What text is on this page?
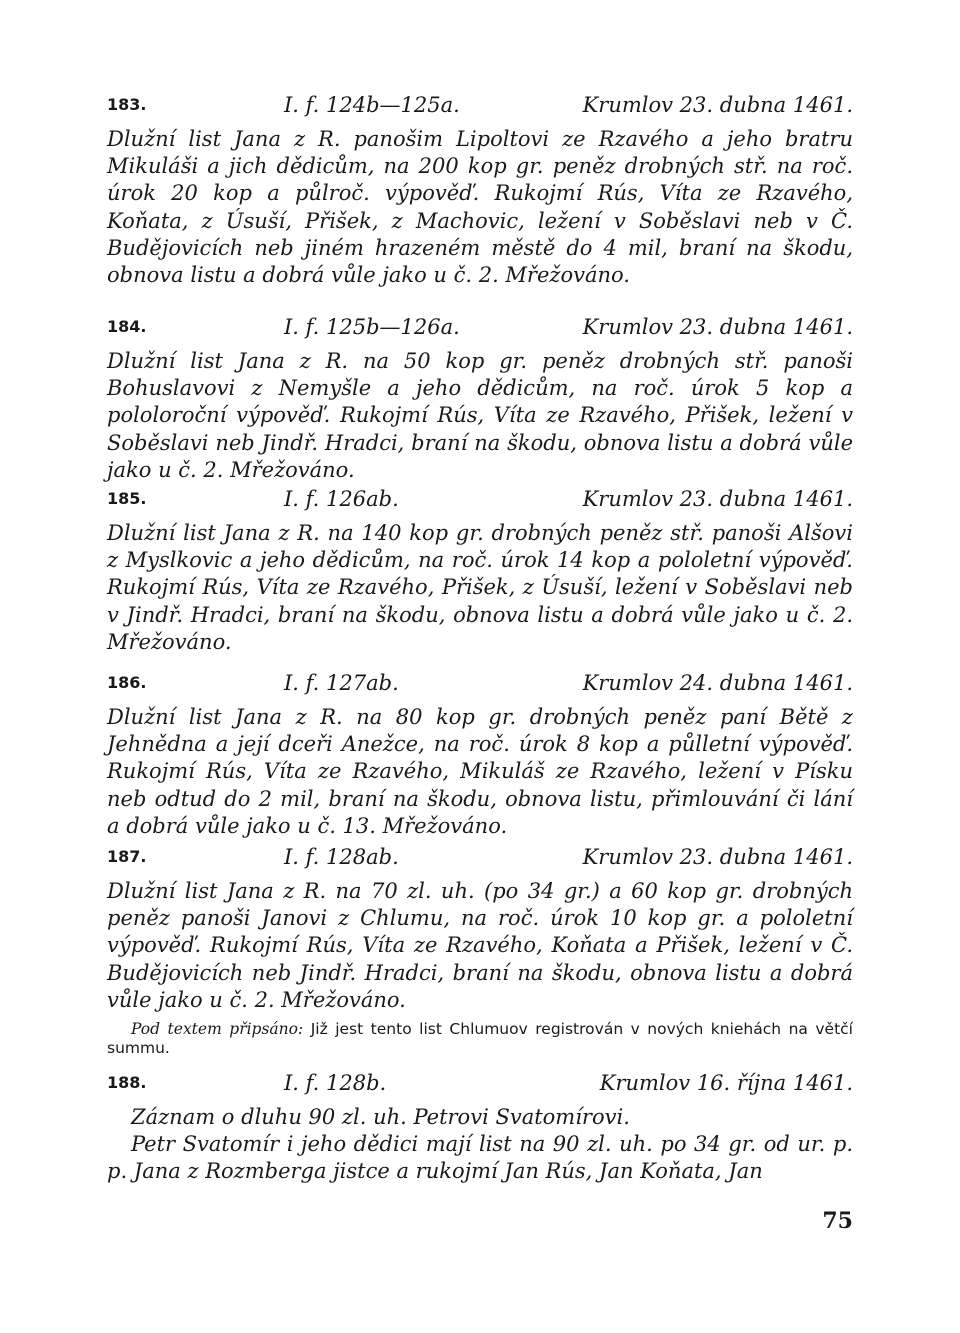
183.	I. f. 124b—125a.	Krumlov 23. dubna 1461.
Dlužní list Jana z R. panošim Lipoltovi ze Rzavého a jeho bratru Mikuláši a jich dědicům, na 200 kop gr. peněz drobných stř. na roč. úrok 20 kop a půlroč. výpověď. Rukojmí Rús, Víta ze Rzavého, Koňata, z Úsuší, Přišek, z Machovic, ležení v Soběslavi neb v Č. Budějovicích neb jiném hrazeném městě do 4 mil, braní na škodu, obnova listu a dobrá vůle jako u č. 2. Mřežováno.
184.	I. f. 125b—126a.	Krumlov 23. dubna 1461.
Dlužní list Jana z R. na 50 kop gr. peněz drobných stř. panoši Bohuslavovi z Nemyšle a jeho dědicům, na roč. úrok 5 kop a pololoroční výpověď. Rukojmí Rús, Víta ze Rzavého, Přišek, ležení v Soběslavi neb Jindř. Hradci, braní na škodu, obnova listu a dobrá vůle jako u č. 2. Mřežováno.
185.	I. f. 126ab.	Krumlov 23. dubna 1461.
Dlužní list Jana z R. na 140 kop gr. drobných peněz stř. panoši Alšovi z Myslkovic a jeho dědicům, na roč. úrok 14 kop a pololetní výpověď. Rukojmí Rús, Víta ze Rzavého, Přišek, z Úsuší, ležení v Soběslavi neb v Jindř. Hradci, braní na škodu, obnova listu a dobrá vůle jako u č. 2. Mřežováno.
186.	I. f. 127ab.	Krumlov 24. dubna 1461.
Dlužní list Jana z R. na 80 kop gr. drobných peněz paní Bětě z Jehnědna a její dceři Anežce, na roč. úrok 8 kop a půlletní výpověď. Rukojmí Rús, Víta ze Rzavého, Mikuláš ze Rzavého, ležení v Písku neb odtud do 2 mil, braní na škodu, obnova listu, přimlouvání či lání a dobrá vůle jako u č. 13. Mřežováno.
187.	I. f. 128ab.	Krumlov 23. dubna 1461.
Dlužní list Jana z R. na 70 zl. uh. (po 34 gr.) a 60 kop gr. drobných peněz panoši Janovi z Chlumu, na roč. úrok 10 kop gr. a pololetní výpověď. Rukojmí Rús, Víta ze Rzavého, Koňata a Přišek, ležení v Č. Budějovicích neb Jindř. Hradci, braní na škodu, obnova listu a dobrá vůle jako u č. 2. Mřežováno.
Pod textem připsáno: Již jest tento list Chlumuov registrován v nových kniehách na větčí summu.
188.	I. f. 128b.	Krumlov 16. října 1461.

Záznam o dluhu 90 zl. uh. Petrovi Svatomírovi.

Petr Svatomír i jeho dědici mají list na 90 zl. uh. po 34 gr. od ur. p. p. Jana z Rozmberga jistce a rukojmí Jan Rús, Jan Koňata, Jan

75
